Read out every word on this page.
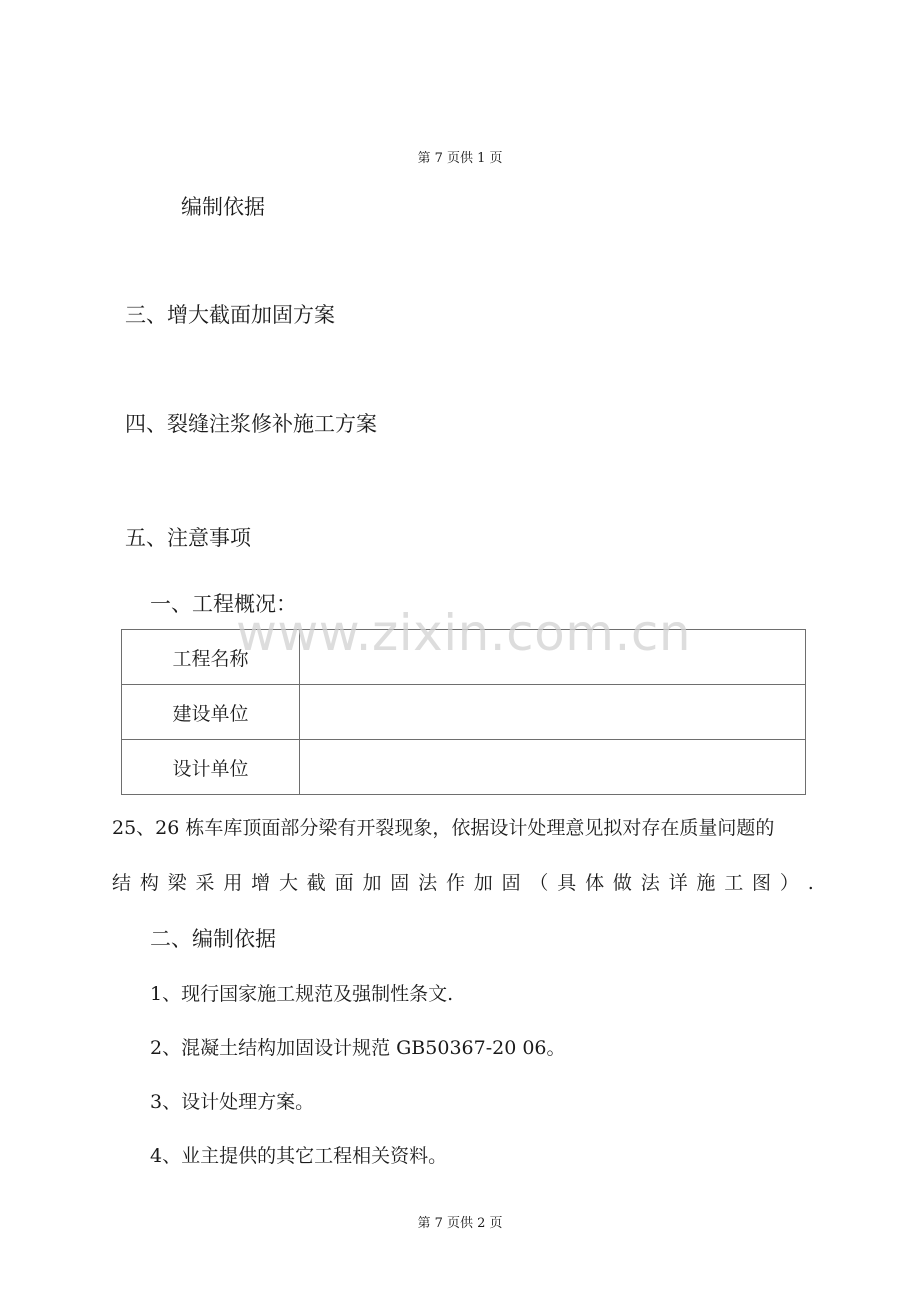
第 7 页供 1 页
编制依据
三、增大截面加固方案
四、裂缝注浆修补施工方案
五、注意事项
一、工程概况：
工程名称	
建设单位	
设计单位	
www.zixin.com.cn
25、26 栋车库顶面部分梁有开裂现象，依据设计处理意见拟对存在质量问题的
结 构 梁 采 用 增 大 截 面 加 固 法 作 加 固 （ 具 体 做 法 详 施 工 图 ） .
二、编制依据
1、现行国家施工规范及强制性条文.
2、混凝土结构加固设计规范 GB50367-20 06。
3、设计处理方案。
4、业主提供的其它工程相关资料。
第 7 页供 2 页
